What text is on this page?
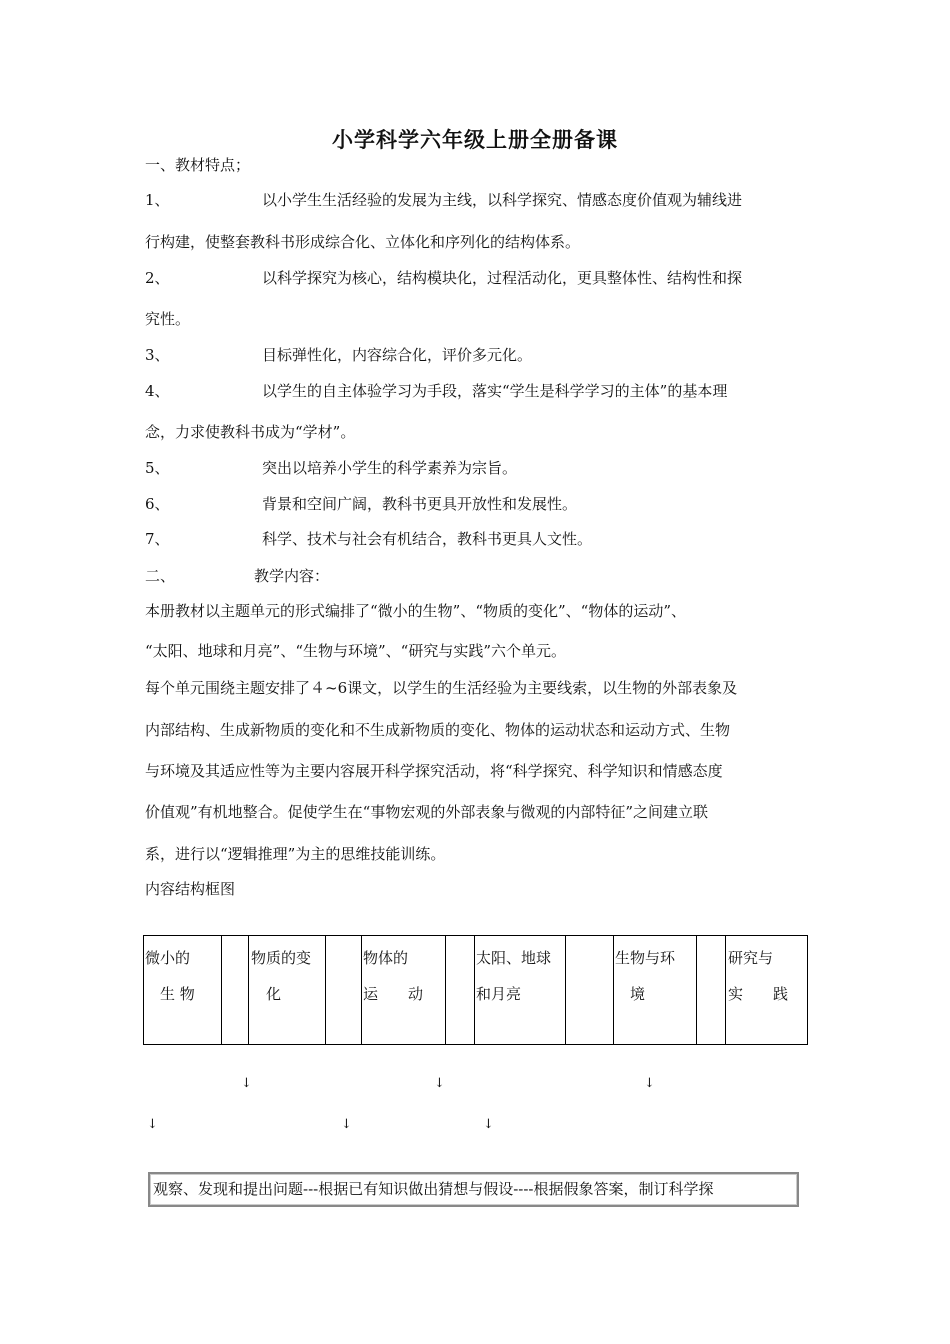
小学科学六年级上册全册备课
一、教材特点；
1、	以小学生生活经验的发展为主线，以科学探究、情感态度价值观为辅线进
行构建，使整套教科书形成综合化、立体化和序列化的结构体系。
2、	以科学探究为核心，结构模块化，过程活动化，更具整体性、结构性和探
究性。
3、	目标弹性化，内容综合化，评价多元化。
4、	以学生的自主体验学习为手段，落实“学生是科学学习的主体”的基本理
念，力求使教科书成为“学材”。
5、	突出以培养小学生的科学素养为宗旨。
6、	背景和空间广阔，教科书更具开放性和发展性。
7、	科学、技术与社会有机结合，教科书更具人文性。
二、	教学内容：
本册教材以主题单元的形式编排了“微小的生物”、“物质的变化”、“物体的运动”、
“太阳、地球和月亮”、“生物与环境”、“研究与实践”六个单元。
每个单元围绕主题安排了４~6课文，以学生的生活经验为主要线索，以生物的外部表象及
内部结构、生成新物质的变化和不生成新物质的变化、物体的运动状态和运动方式、生物
与环境及其适应性等为主要内容展开科学探究活动，将“科学探究、科学知识和情感态度
价值观”有机地整合。促使学生在“事物宏观的外部表象与微观的内部特征”之间建立联
系，进行以“逻辑推理”为主的思维技能训练。
内容结构框图
微小的
　生 物
物质的变
　化
物体的
运　　动
太阳、地球
和月亮
生物与环
　境
研究与
实　　践
↓	↓	↓
↓	↓	↓
观察、发现和提出问题---根据已有知识做出猜想与假设----根据假象答案，制订科学探
